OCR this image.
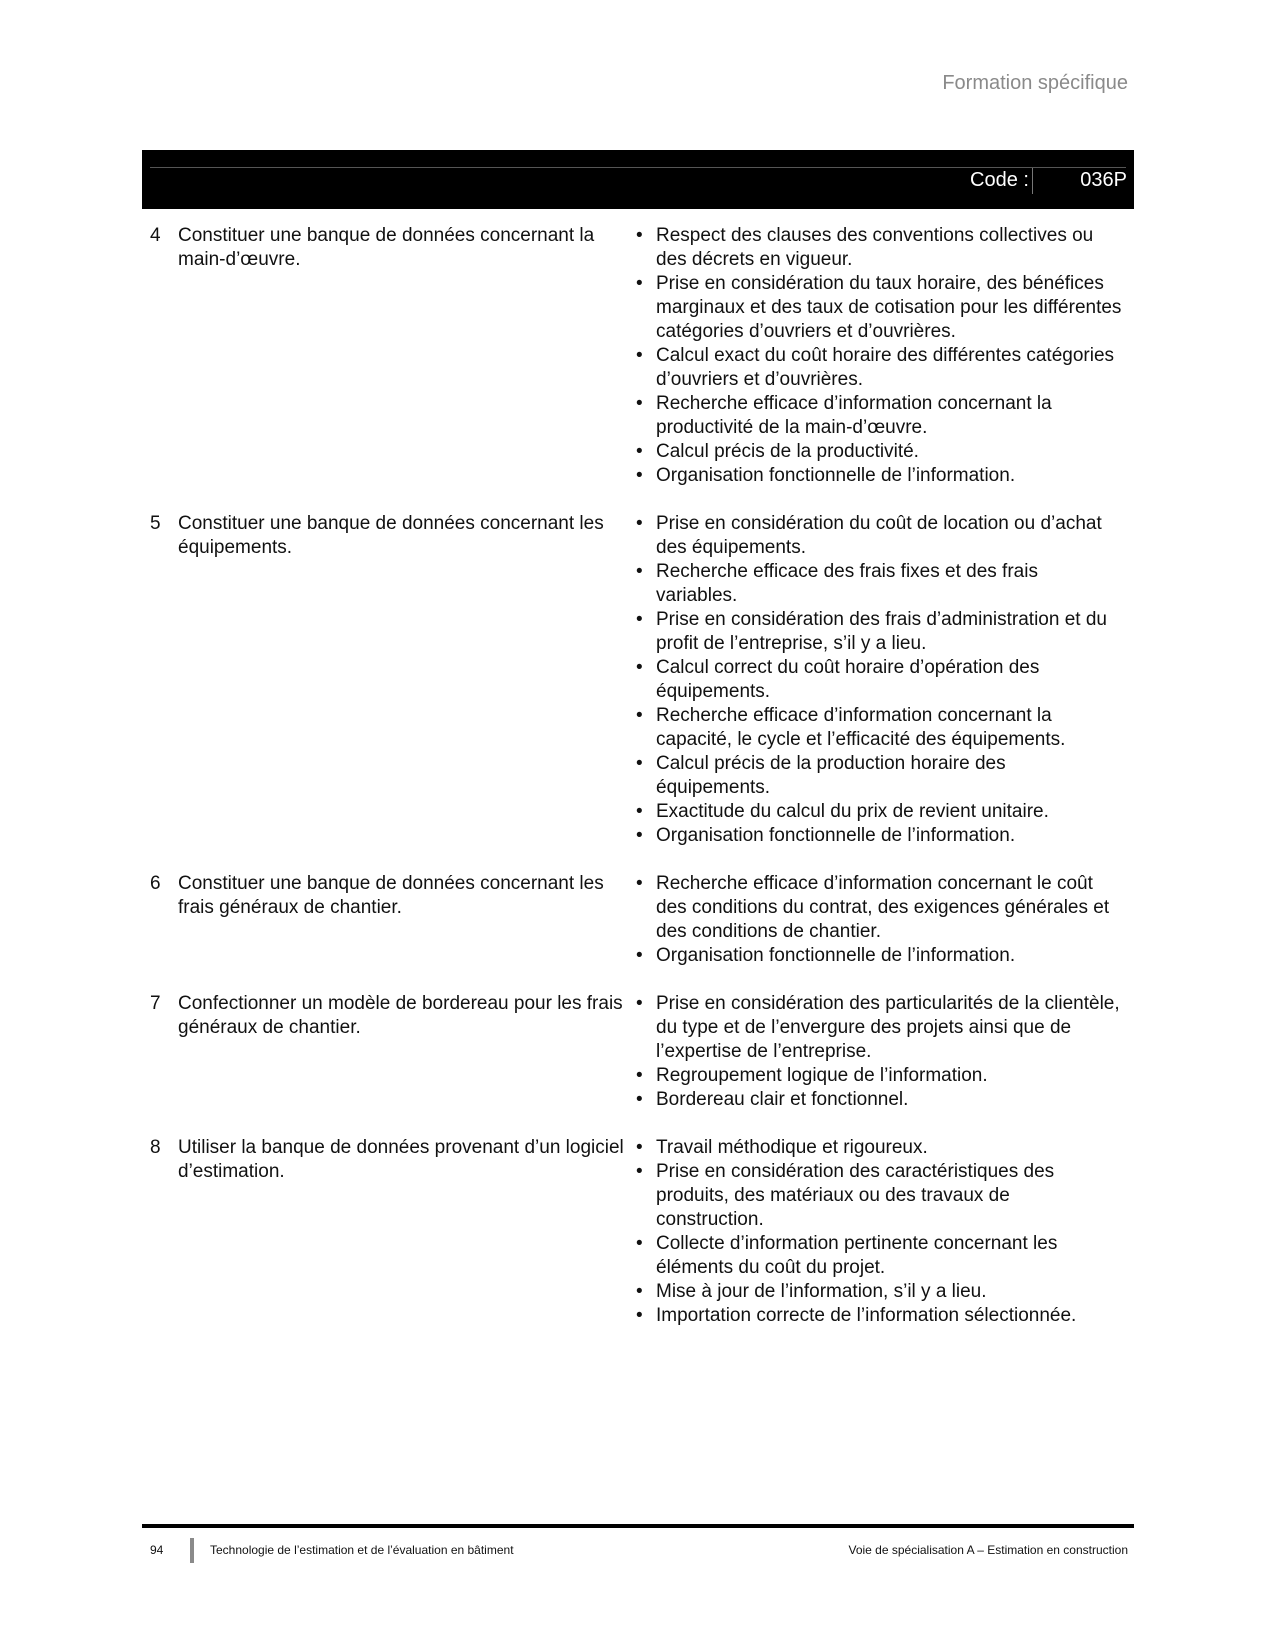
Formation spécifique
Code :	036P
4 Constituer une banque de données concernant la main-d’œuvre.
• Respect des clauses des conventions collectives ou des décrets en vigueur.
• Prise en considération du taux horaire, des bénéfices marginaux et des taux de cotisation pour les différentes catégories d’ouvriers et d’ouvrières.
• Calcul exact du coût horaire des différentes catégories d’ouvriers et d’ouvrières.
• Recherche efficace d’information concernant la productivité de la main-d’œuvre.
• Calcul précis de la productivité.
• Organisation fonctionnelle de l’information.
5 Constituer une banque de données concernant les équipements.
• Prise en considération du coût de location ou d’achat des équipements.
• Recherche efficace des frais fixes et des frais variables.
• Prise en considération des frais d’administration et du profit de l’entreprise, s’il y a lieu.
• Calcul correct du coût horaire d’opération des équipements.
• Recherche efficace d’information concernant la capacité, le cycle et l’efficacité des équipements.
• Calcul précis de la production horaire des équipements.
• Exactitude du calcul du prix de revient unitaire.
• Organisation fonctionnelle de l’information.
6 Constituer une banque de données concernant les frais généraux de chantier.
• Recherche efficace d’information concernant le coût des conditions du contrat, des exigences générales et des conditions de chantier.
• Organisation fonctionnelle de l’information.
7 Confectionner un modèle de bordereau pour les frais généraux de chantier.
• Prise en considération des particularités de la clientèle, du type et de l’envergure des projets ainsi que de l’expertise de l’entreprise.
• Regroupement logique de l’information.
• Bordereau clair et fonctionnel.
8 Utiliser la banque de données provenant d’un logiciel d’estimation.
• Travail méthodique et rigoureux.
• Prise en considération des caractéristiques des produits, des matériaux ou des travaux de construction.
• Collecte d’information pertinente concernant les éléments du coût du projet.
• Mise à jour de l’information, s’il y a lieu.
• Importation correcte de l’information sélectionnée.
94	Technologie de l’estimation et de l’évaluation en bâtiment	Voie de spécialisation A – Estimation en construction
